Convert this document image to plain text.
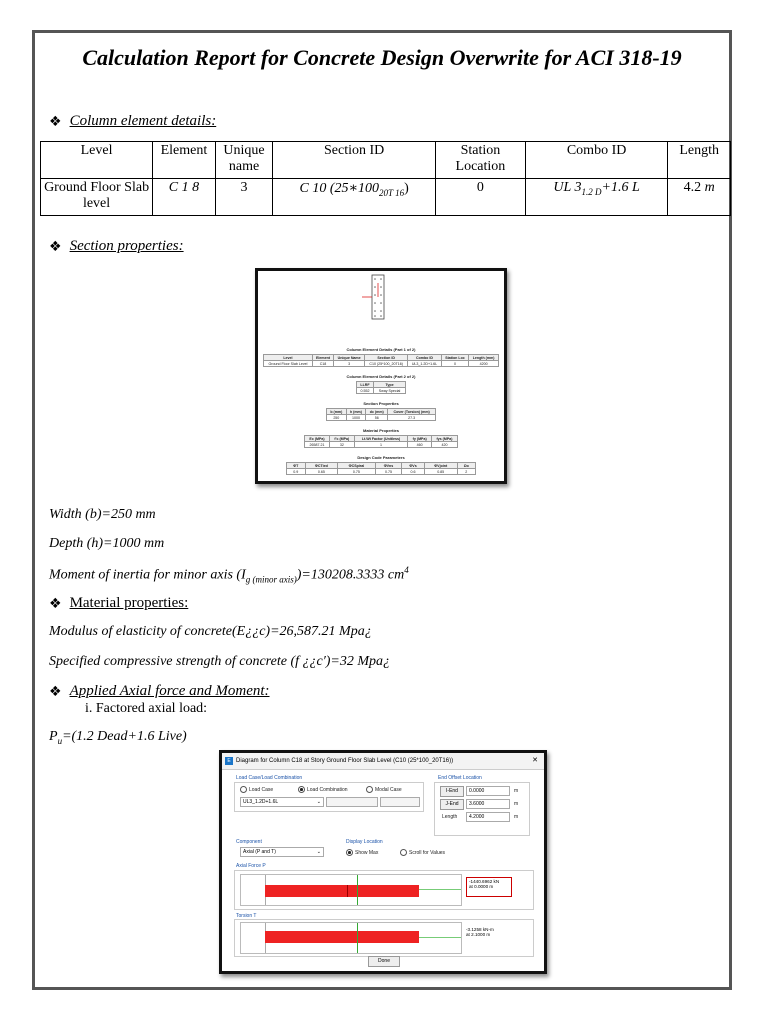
Calculation Report for Concrete Design Overwrite for ACI 318-19
❖ Column element details:
Level	Element	Unique name	Section ID	Station Location	Combo ID	Length
Ground Floor Slab level	C 1 8	3	C 10 $(25∗100_{20T 16})$	0	UL $3_{1.2 D}+1.6$ L	4.2 m
❖ Section properties:
Column Element Details (Part 1 of 2)
Level	Element	Unique Name	Section ID	Combo ID	Station Loc	Length (mm)
Ground Floor Slab Level	C18	3	C10 (25*100_20T16)	UL3_1.2D+1.6L	0	4200
Column Element Details (Part 2 of 2)
LLRF	Type
0.552	Sway Special
Section Properties
b (mm)	h (mm)	dc (mm)	Cover (Torsion) (mm)
250	1000	56	27.3
Material Properties
Ec (MPa)	f'c (MPa)	Lt.Wt Factor (Unitless)	fy (MPa)	fys (MPa)
26587.21	32	1	460	420
Design Code Parameters
ΦT	ΦCTied	ΦCSpiral	ΦVns	ΦVs	ΦVjoint	Ωo
0.9	0.65	0.75	0.75	0.6	0.85	2
Width (b)=250 mm
Depth (h)=1000 mm
Moment of inertia for minor axis $(I_{g (minor axis)})=130208.3333$ $cm^4$
❖ Material properties:
Modulus of elasticity of concrete(E¿¿c)=26,587.21 Mpa¿
Specified compressive strength of concrete (f ¿¿c′)=32 Mpa¿
❖ Applied Axial force and Moment:
i. Factored axial load:
$P_u=(1.2$ Dead+1.6 Live)
E Diagram for Column C18 at Story Ground Floor Slab Level (C10 (25*100_20T16))	✕
Load Case/Load Combination
Load Case	Load Combination	Modal Case
UL3_1.2D+1.6L	⌄
End Offset Location
I-End	0.0000	m
J-End	3.6000	m
Length	4.2000	m
Component
Axial (P and T)	⌄
Display Location
Show Max	Scroll for Values
Axial Force P
-1440.6962 kN
at 0.0000 m
Torsion T
-3.1258 kN-m
at 2.1000 m
Done
